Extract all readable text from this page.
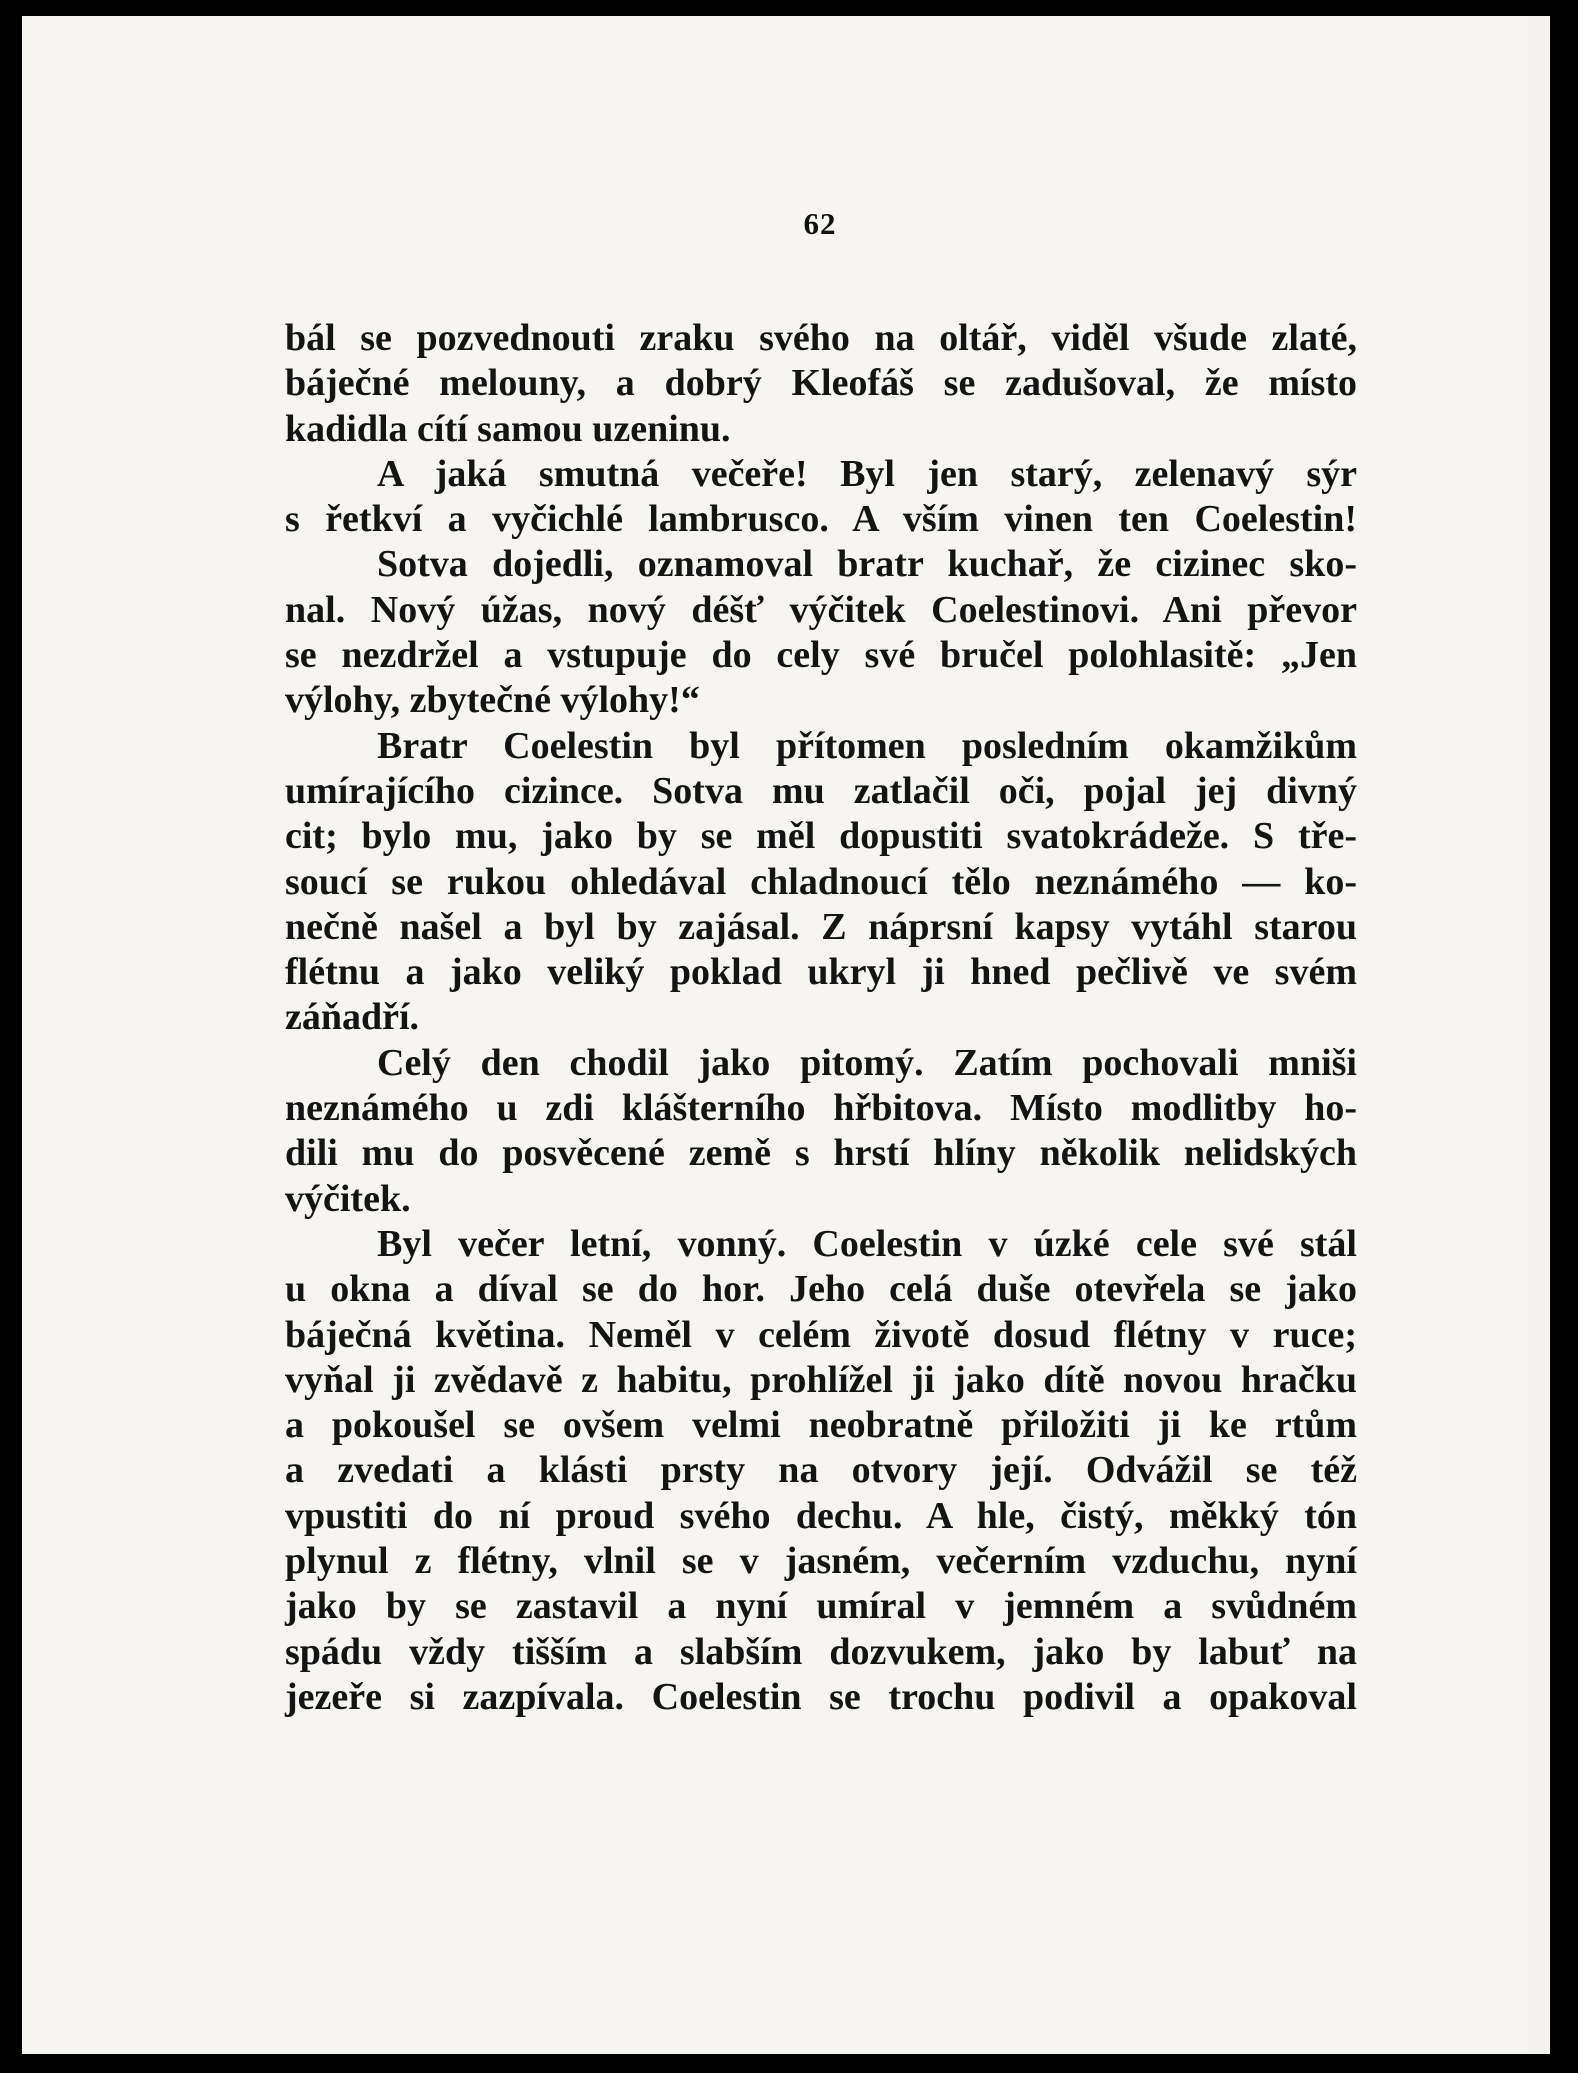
62
bál se pozvednouti zraku svého na oltář, viděl všude zlaté,
báječné melouny, a dobrý Kleofáš se zadušoval, že místo
kadidla cítí samou uzeninu.
A jaká smutná večeře! Byl jen starý, zelenavý sýr
s řetkví a vyčichlé lambrusco. A vším vinen ten Coelestin!
Sotva dojedli, oznamoval bratr kuchař, že cizinec sko-
nal. Nový úžas, nový déšť výčitek Coelestinovi. Ani převor
se nezdržel a vstupuje do cely své bručel polohlasitě: „Jen
výlohy, zbytečné výlohy!“
Bratr Coelestin byl přítomen posledním okamžikům
umírajícího cizince. Sotva mu zatlačil oči, pojal jej divný
cit; bylo mu, jako by se měl dopustiti svatokrádeže. S tře-
soucí se rukou ohledával chladnoucí tělo neznámého — ko-
nečně našel a byl by zajásal. Z náprsní kapsy vytáhl starou
flétnu a jako veliký poklad ukryl ji hned pečlivě ve svém
záňadří.
Celý den chodil jako pitomý. Zatím pochovali mniši
neznámého u zdi klášterního hřbitova. Místo modlitby ho-
dili mu do posvěcené země s hrstí hlíny několik nelidských
výčitek.
Byl večer letní, vonný. Coelestin v úzké cele své stál
u okna a díval se do hor. Jeho celá duše otevřela se jako
báječná květina. Neměl v celém životě dosud flétny v ruce;
vyňal ji zvědavě z habitu, prohlížel ji jako dítě novou hračku
a pokoušel se ovšem velmi neobratně přiložiti ji ke rtům
a zvedati a klásti prsty na otvory její. Odvážil se též
vpustiti do ní proud svého dechu. A hle, čistý, měkký tón
plynul z flétny, vlnil se v jasném, večerním vzduchu, nyní
jako by se zastavil a nyní umíral v jemném a svůdném
spádu vždy tišším a slabším dozvukem, jako by labuť na
jezeře si zazpívala. Coelestin se trochu podivil a opakoval
